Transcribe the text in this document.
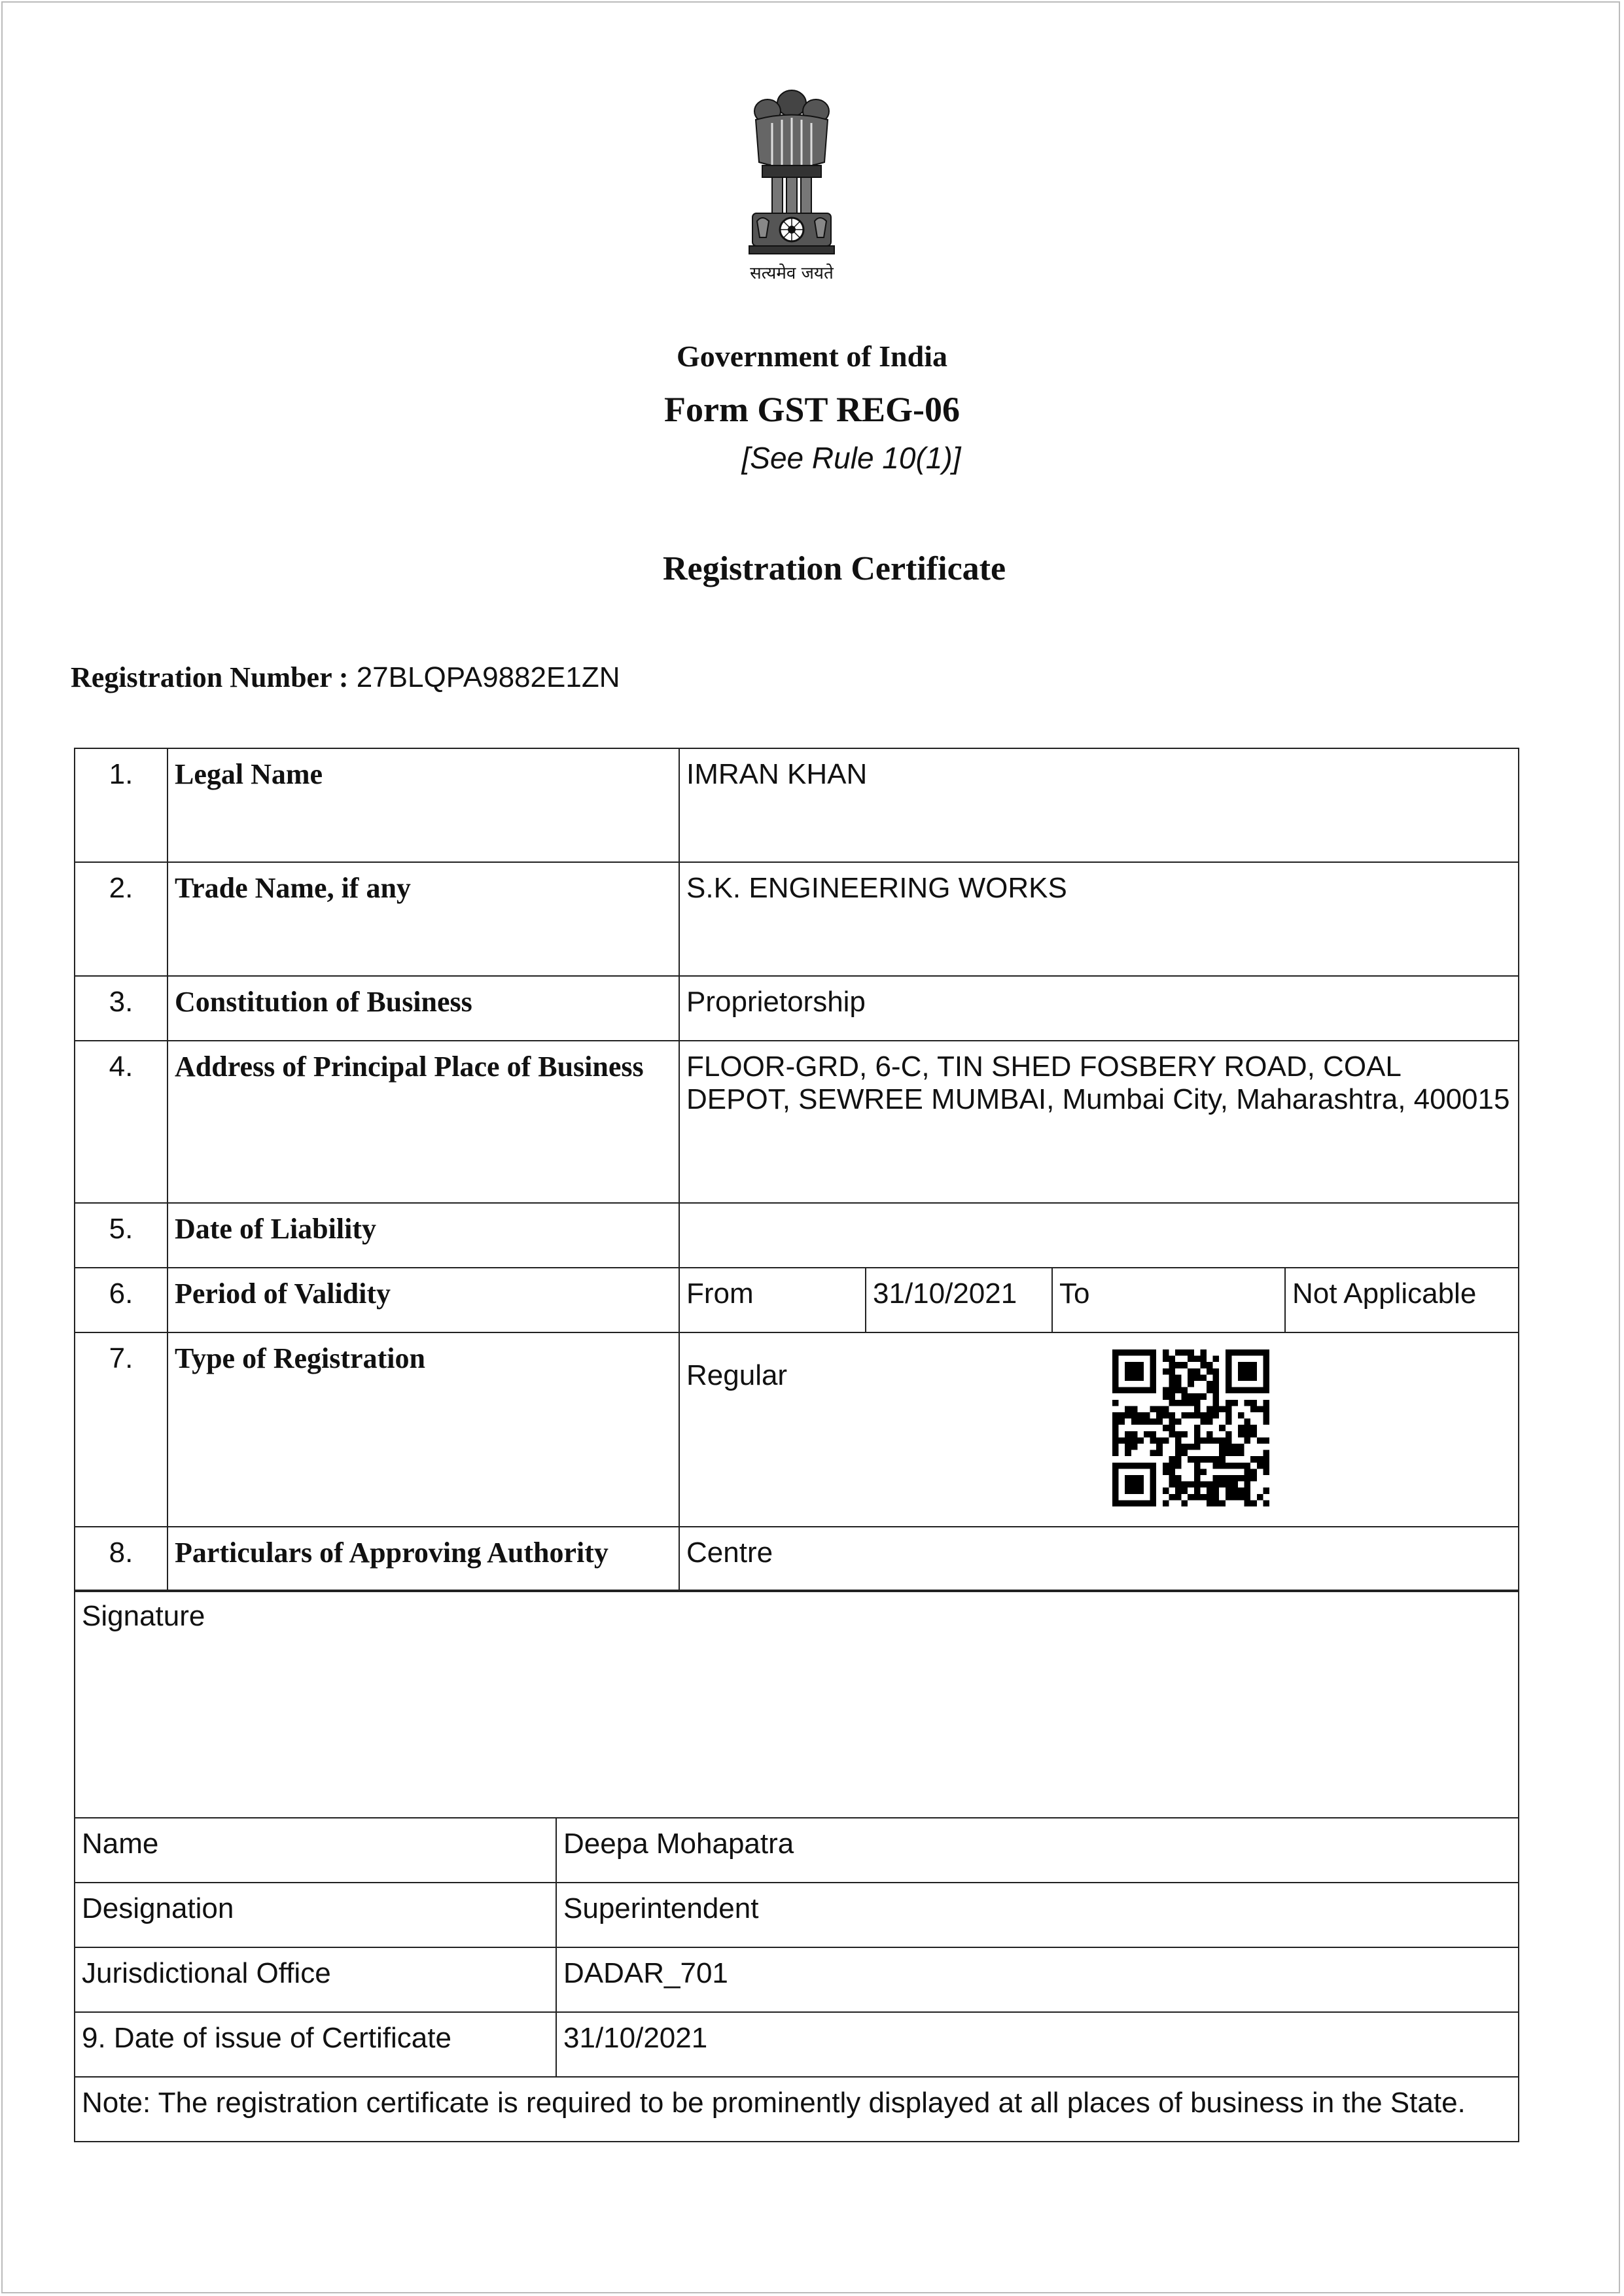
सत्यमेव जयते
Government of India
Form GST REG-06
[See Rule 10(1)]
Registration Certificate
Registration Number : 27BLQPA9882E1ZN
1.	Legal Name	IMRAN KHAN			
2.	Trade Name, if any	S.K. ENGINEERING WORKS			
3.	Constitution of Business	Proprietorship			
4.	Address of Principal Place of Business	FLOOR-GRD, 6-C, TIN SHED FOSBERY ROAD, COAL DEPOT, SEWREE MUMBAI, Mumbai City, Maharashtra, 400015			
5.	Date of Liability				
6.	Period of Validity	From	31/10/2021	To	Not Applicable
7.	Type of Registration	Regular			
8.	Particulars of Approving Authority	Centre			
Signature	
Name	Deepa Mohapatra
Designation	Superintendent
Jurisdictional Office	DADAR_701
9. Date of issue of Certificate	31/10/2021
Note: The registration certificate is required to be prominently displayed at all places of business in the State.	
